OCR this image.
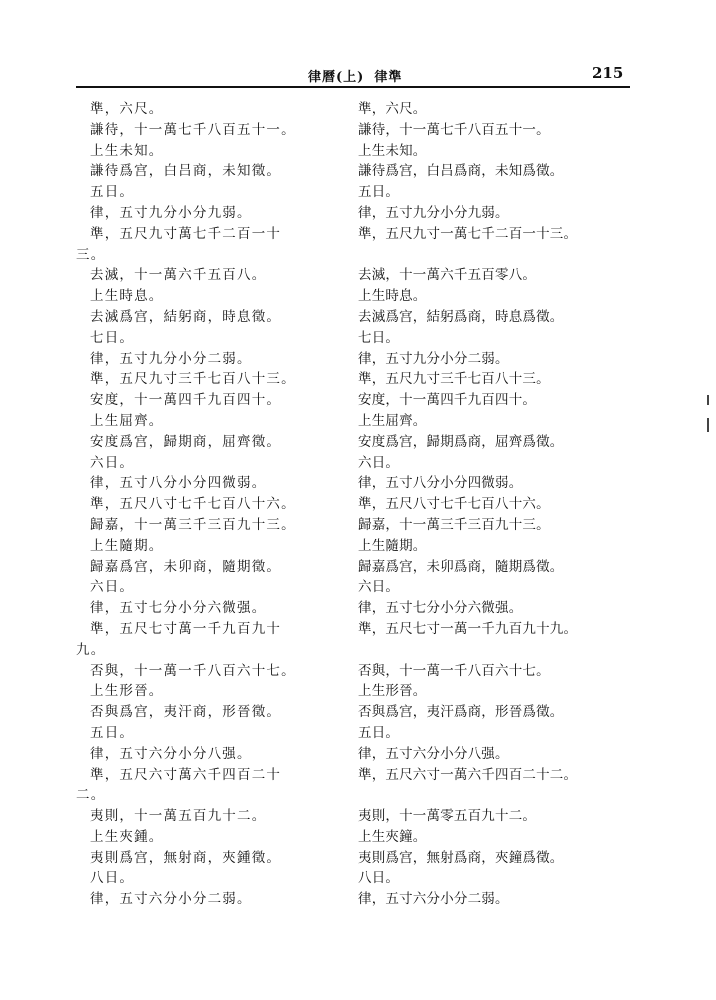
律曆(上) 律準	215
準，六尺。
謙待，十一萬七千八百五十一。
上生未知。
謙待爲宫，白吕商，未知徵。
五日。
律，五寸九分小分九弱。
準，五尺九寸萬七千二百一十
三。
去滅，十一萬六千五百八。
上生時息。
去滅爲宫，結躬商，時息徵。
七日。
律，五寸九分小分二弱。
準，五尺九寸三千七百八十三。
安度，十一萬四千九百四十。
上生屈齊。
安度爲宫，歸期商，屈齊徵。
六日。
律，五寸八分小分四微弱。
準，五尺八寸七千七百八十六。
歸嘉，十一萬三千三百九十三。
上生隨期。
歸嘉爲宫，未卯商，隨期徵。
六日。
律，五寸七分小分六微强。
準，五尺七寸萬一千九百九十
九。
否與，十一萬一千八百六十七。
上生形晉。
否與爲宫，夷汗商，形晉徵。
五日。
律，五寸六分小分八强。
準，五尺六寸萬六千四百二十
二。
夷則，十一萬五百九十二。
上生夾鍾。
夷則爲宫，無射商，夾鍾徵。
八日。
律，五寸六分小分二弱。
準，六尺。
謙待，十一萬七千八百五十一。
上生未知。
謙待爲宫，白吕爲商，未知爲徵。
五日。
律，五寸九分小分九弱。
準，五尺九寸一萬七千二百一十三。
去滅，十一萬六千五百零八。
上生時息。
去滅爲宫，結躬爲商，時息爲徵。
七日。
律，五寸九分小分二弱。
準，五尺九寸三千七百八十三。
安度，十一萬四千九百四十。
上生屈齊。
安度爲宫，歸期爲商，屈齊爲徵。
六日。
律，五寸八分小分四微弱。
準，五尺八寸七千七百八十六。
歸嘉，十一萬三千三百九十三。
上生隨期。
歸嘉爲宫，未卯爲商，隨期爲徵。
六日。
律，五寸七分小分六微强。
準，五尺七寸一萬一千九百九十九。
否與，十一萬一千八百六十七。
上生形晉。
否與爲宫，夷汗爲商，形晉爲徵。
五日。
律，五寸六分小分八强。
準，五尺六寸一萬六千四百二十二。
夷則，十一萬零五百九十二。
上生夾鐘。
夷則爲宫，無射爲商，夾鐘爲徵。
八日。
律，五寸六分小分二弱。
